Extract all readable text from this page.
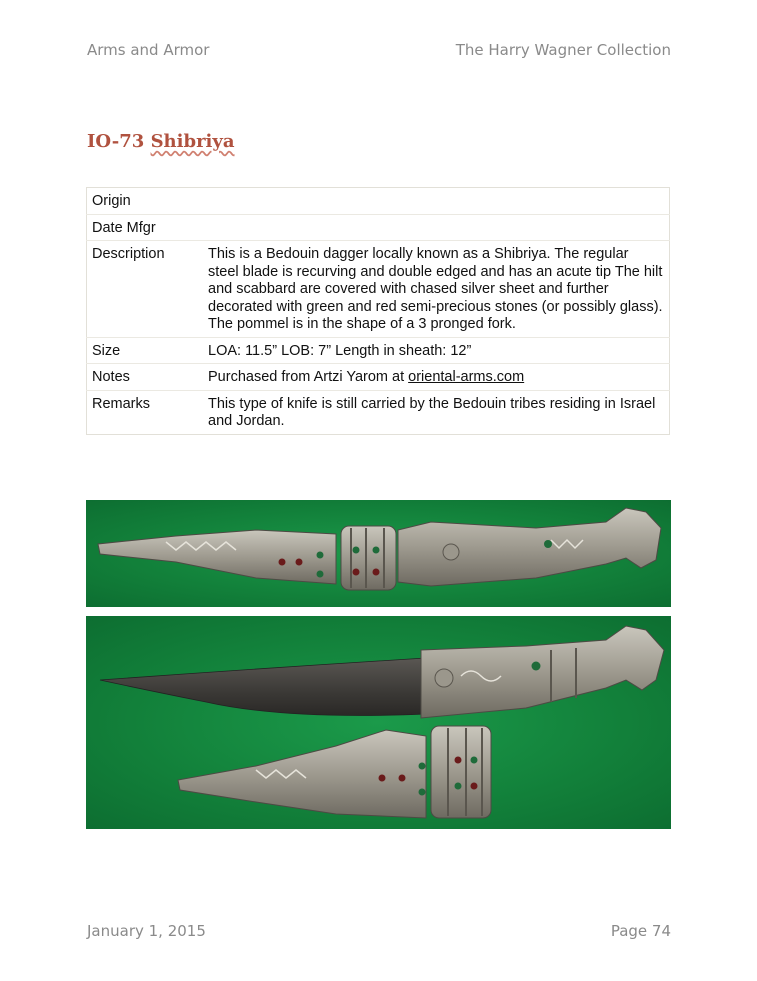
Arms and Armor	The Harry Wagner Collection
IO-73 Shibriya
Origin	
Date Mfgr	
Description	This is a Bedouin dagger locally known as a Shibriya. The regular steel blade is recurving and double edged and has an acute tip The hilt and scabbard are covered with chased silver sheet and further decorated with green and red semi-precious stones (or possibly glass). The pommel is in the shape of a 3 pronged fork.
Size	LOA: 11.5” LOB: 7” Length in sheath: 12”
Notes	Purchased from Artzi Yarom at oriental-arms.com
Remarks	This type of knife is still carried by the Bedouin tribes residing in Israel and Jordan.
January 1, 2015	Page 74
